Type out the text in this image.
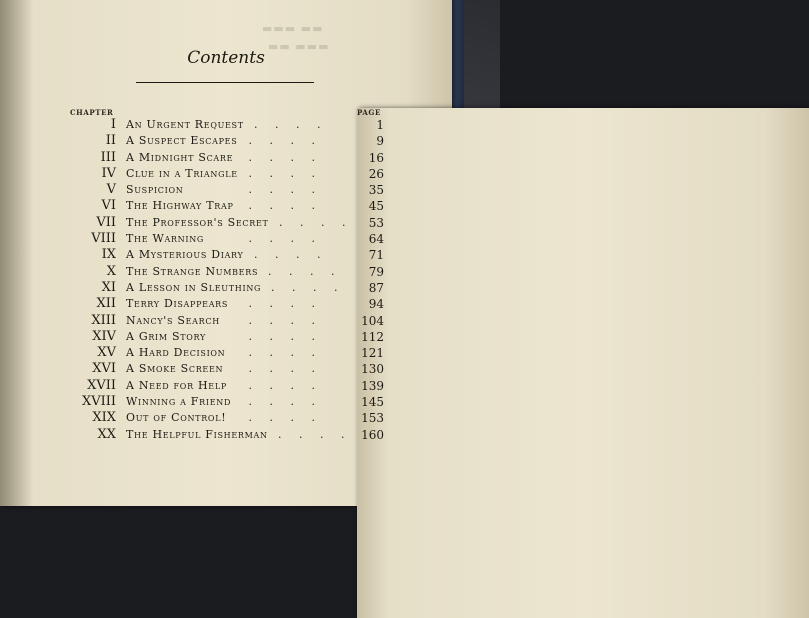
▬▬▬ ▬▬
▬▬ ▬▬▬
Contents
CHAPTER	PAGE
I An Urgent Request . . . .	1
II A Suspect Escapes . . . .	9
III A Midnight Scare	. . . .	16
IV Clue in a Triangle . . . .	26
V Suspicion	. . . .	35
VI The Highway Trap	. . . .	45
VII The Professor's Secret . . . .	53
VIII The Warning	. . . .	64
IX A Mysterious Diary . . . .	71
X The Strange Numbers . . . .	79
XI A Lesson in Sleuthing . . . .	87
XII Terry Disappears	. . . .	94
XIII Nancy's Search	. . . .	104
XIV A Grim Story	. . . .	112
XV A Hard Decision	. . . .	121
XVI A Smoke Screen	. . . .	130
XVII A Need for Help	. . . .	139
XVIII Winning a Friend	. . . .	145
XIX Out of Control!	. . . .	153
XX The Helpful Fisherman . . . . 160
